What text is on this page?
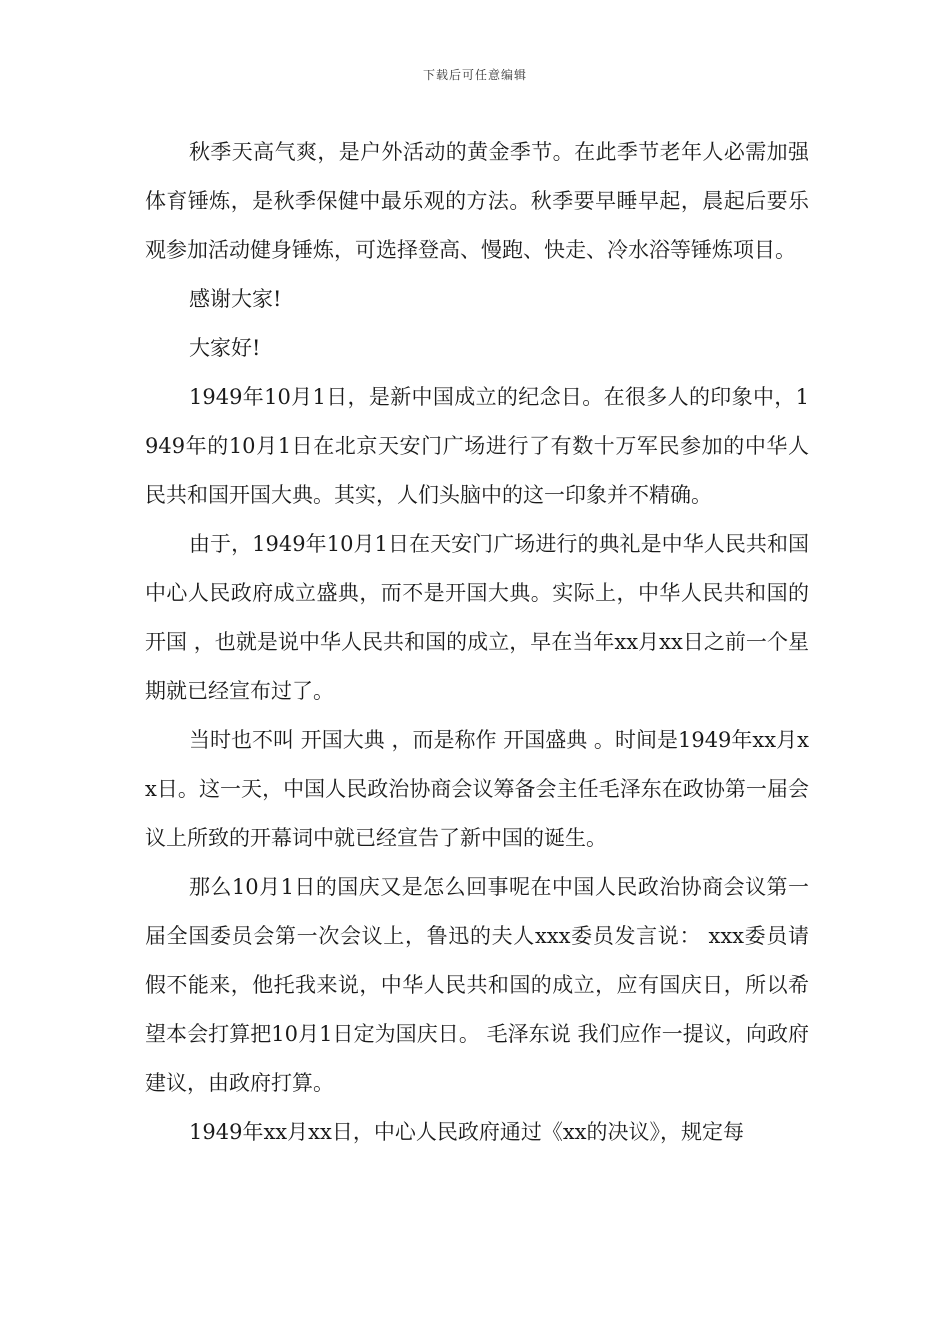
下载后可任意编辑

秋季天高气爽，是户外活动的黄金季节。在此季节老年人必需加强体育锤炼，是秋季保健中最乐观的方法。秋季要早睡早起，晨起后要乐观参加活动健身锤炼，可选择登高、慢跑、快走、冷水浴等锤炼项目。

感谢大家!

大家好!

1949年10月1日，是新中国成立的纪念日。在很多人的印象中，1949年的10月1日在北京天安门广场进行了有数十万军民参加的中华人民共和国开国大典。其实，人们头脑中的这一印象并不精确。

由于，1949年10月1日在天安门广场进行的典礼是中华人民共和国中心人民政府成立盛典，而不是开国大典。实际上，中华人民共和国的 开国 ，也就是说中华人民共和国的成立，早在当年xx月xx日之前一个星期就已经宣布过了。

当时也不叫 开国大典 ，而是称作 开国盛典 。时间是1949年xx月xx日。这一天，中国人民政治协商会议筹备会主任毛泽东在政协第一届会议上所致的开幕词中就已经宣告了新中国的诞生。

那么10月1日的国庆又是怎么回事呢在中国人民政治协商会议第一届全国委员会第一次会议上，鲁迅的夫人xxx委员发言说： xxx委员请假不能来，他托我来说，中华人民共和国的成立，应有国庆日，所以希望本会打算把10月1日定为国庆日。 毛泽东说 我们应作一提议，向政府建议，由政府打算。

1949年xx月xx日，中心人民政府通过《xx的决议》，规定每
